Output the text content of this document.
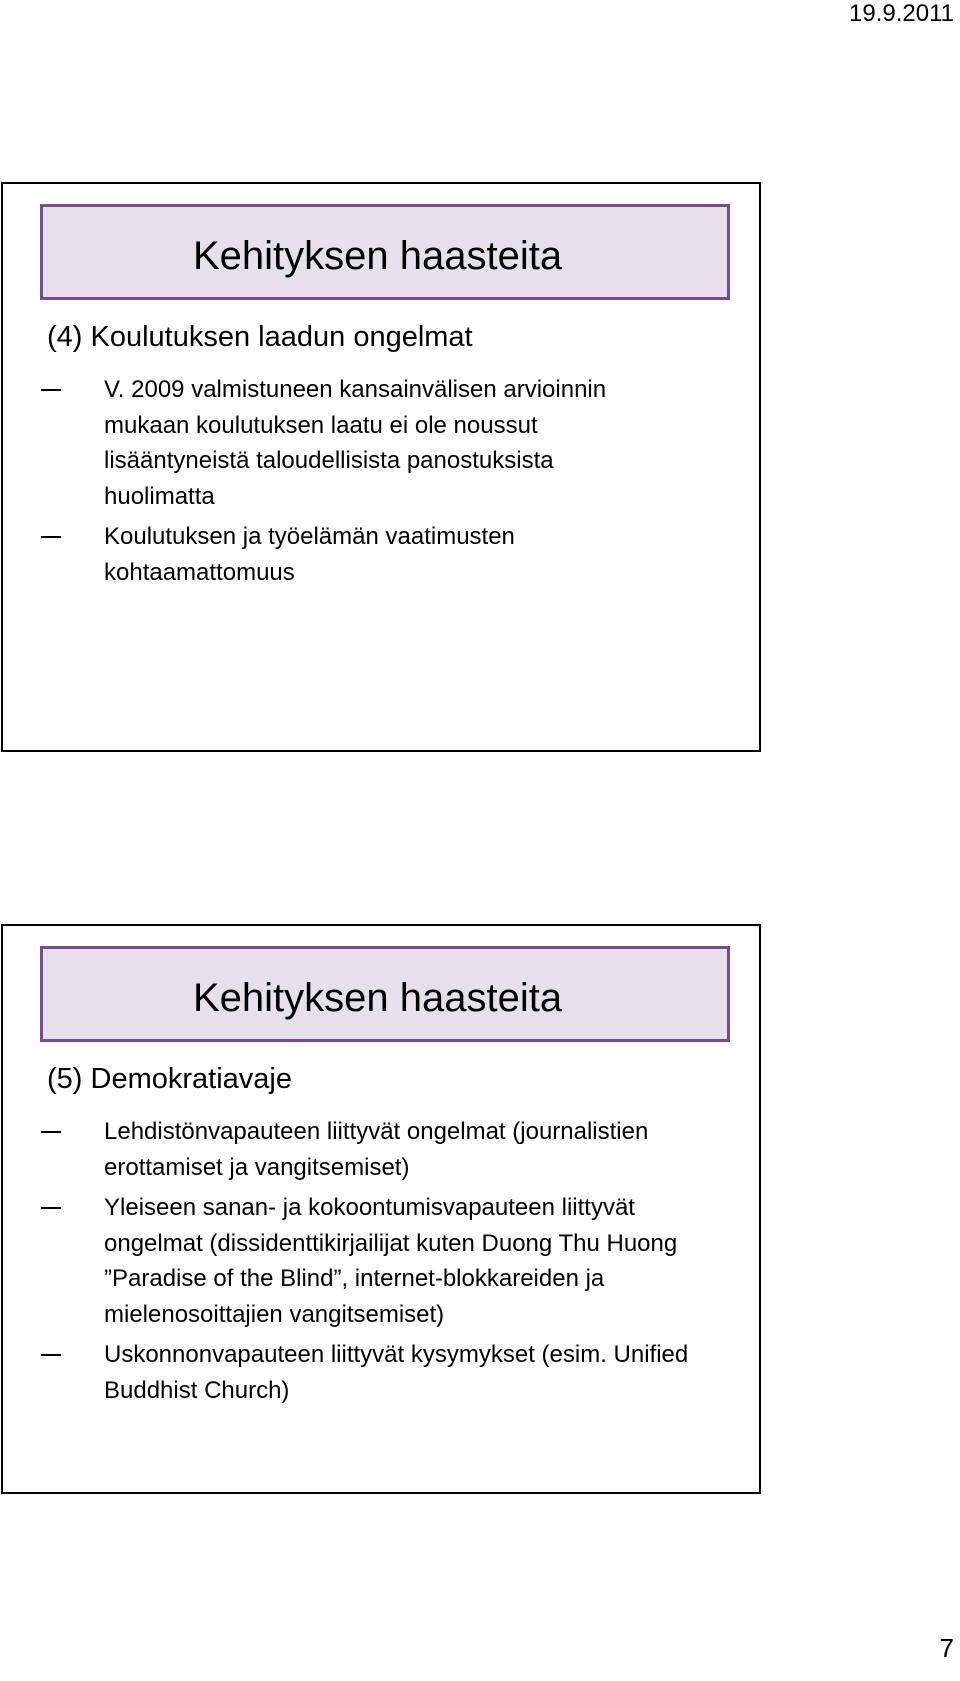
19.9.2011
Kehityksen haasteita
(4) Koulutuksen laadun ongelmat
V. 2009 valmistuneen kansainvälisen arvioinnin mukaan koulutuksen laatu ei ole noussut lisääntyneistä taloudellisista panostuksista huolimatta
Koulutuksen ja työelämän vaatimusten kohtaamattomuus
Kehityksen haasteita
(5) Demokratiavaje
Lehdistönvapauteen liittyvät ongelmat (journalistien erottamiset ja vangitsemiset)
Yleiseen sanan- ja kokoontumisvapauteen liittyvät ongelmat (dissidenttikirjailijat kuten Duong Thu Huong ”Paradise of the Blind”, internet-blokkareiden ja mielenosoittajien vangitsemiset)
Uskonnonvapauteen liittyvät kysymykset (esim. Unified Buddhist Church)
7
